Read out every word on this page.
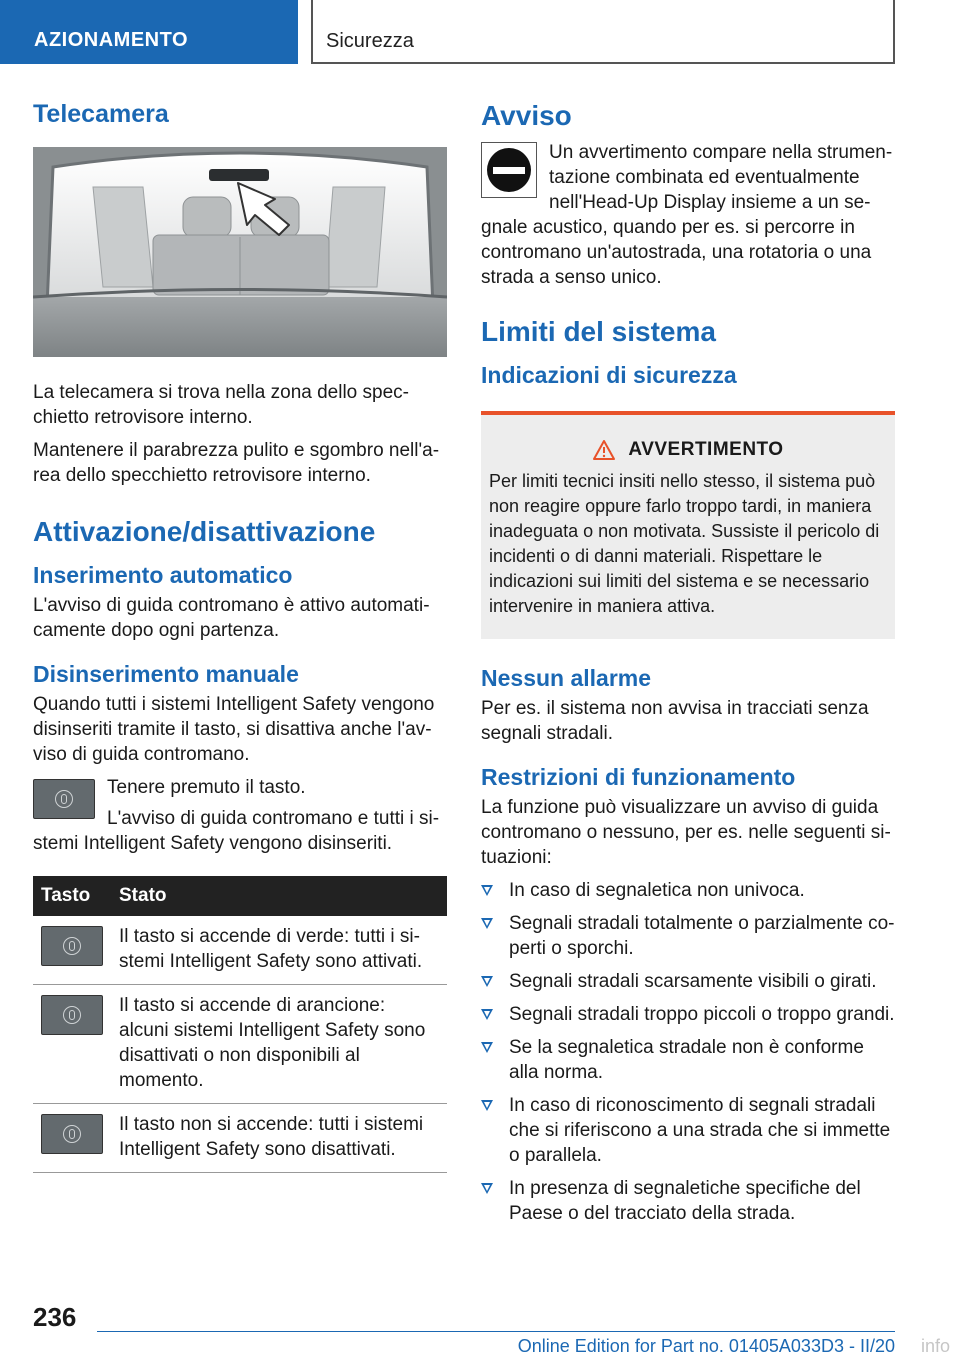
AZIONAMENTO	Sicurezza
Telecamera

La telecamera si trova nella zona dello specchietto retrovisore interno.

Mantenere il parabrezza pulito e sgombro nell'area dello specchietto retrovisore interno.

Attivazione/disattivazione
Inserimento automatico

L'avviso di guida contromano è attivo automaticamente dopo ogni partenza.

Disinserimento manuale

Quando tutti i sistemi Intelligent Safety vengono disinseriti tramite il tasto, si disattiva anche l'avviso di guida contromano.

Tenere premuto il tasto.

L'avviso di guida contromano e tutti i sistemi Intelligent Safety vengono disinseriti.

Tasto	Stato

	Il tasto si accende di verde: tutti i sistemi Intelligent Safety sono attivati.

	Il tasto si accende di arancione: alcuni sistemi Intelligent Safety sono disattivati o non disponibili al momento.

	Il tasto non si accende: tutti i sistemi Intelligent Safety sono disattivati.
Avviso

Un avvertimento compare nella strumentazione combinata ed eventualmente nell'Head-Up Display insieme a un segnale acustico, quando per es. si percorre in contromano un'autostrada, una rotatoria o una strada a senso unico.

Limiti del sistema
Indicazioni di sicurezza
AVVERTIMENTO

Per limiti tecnici insiti nello stesso, il sistema può non reagire oppure farlo troppo tardi, in maniera inadeguata o non motivata. Sussiste il pericolo di incidenti o di danni materiali. Rispettare le indicazioni sui limiti del sistema e se necessario intervenire in maniera attiva.

Nessun allarme

Per es. il sistema non avvisa in tracciati senza segnali stradali.

Restrizioni di funzionamento

La funzione può visualizzare un avviso di guida contromano o nessuno, per es. nelle seguenti situazioni:

In caso di segnaletica non univoca.
Segnali stradali totalmente o parzialmente coperti o sporchi.
Segnali stradali scarsamente visibili o girati.
Segnali stradali troppo piccoli o troppo grandi.
Se la segnaletica stradale non è conforme alla norma.
In caso di riconoscimento di segnali stradali che si riferiscono a una strada che si immette o parallela.
In presenza di segnaletiche specifiche del Paese o del tracciato della strada.
236
Online Edition for Part no. 01405A033D3 - II/20 info
